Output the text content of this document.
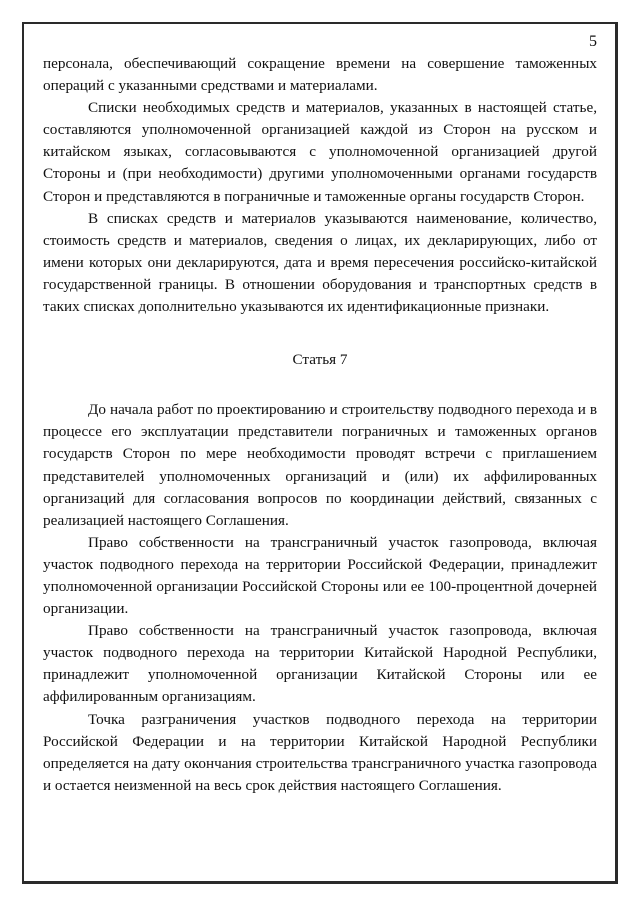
5

персонала, обеспечивающий сокращение времени на совершение таможенных операций с указанными средствами и материалами.

Списки необходимых средств и материалов, указанных в настоящей статье, составляются уполномоченной организацией каждой из Сторон на русском и китайском языках, согласовываются с уполномоченной организацией другой Стороны и (при необходимости) другими уполномоченными органами государств Сторон и представляются в пограничные и таможенные органы государств Сторон.

В списках средств и материалов указываются наименование, количество, стоимость средств и материалов, сведения о лицах, их декларирующих, либо от имени которых они декларируются, дата и время пересечения российско-китайской государственной границы. В отношении оборудования и транспортных средств в таких списках дополнительно указываются их идентификационные признаки.

Статья 7

До начала работ по проектированию и строительству подводного перехода и в процессе его эксплуатации представители пограничных и таможенных органов государств Сторон по мере необходимости проводят встречи с приглашением представителей уполномоченных организаций и (или) их аффилированных организаций для согласования вопросов по координации действий, связанных с реализацией настоящего Соглашения.

Право собственности на трансграничный участок газопровода, включая участок подводного перехода на территории Российской Федерации, принадлежит уполномоченной организации Российской Стороны или ее 100-процентной дочерней организации.

Право собственности на трансграничный участок газопровода, включая участок подводного перехода на территории Китайской Народной Республики, принадлежит уполномоченной организации Китайской Стороны или ее аффилированным организациям.

Точка разграничения участков подводного перехода на территории Российской Федерации и на территории Китайской Народной Республики определяется на дату окончания строительства трансграничного участка газопровода и остается неизменной на весь срок действия настоящего Соглашения.
